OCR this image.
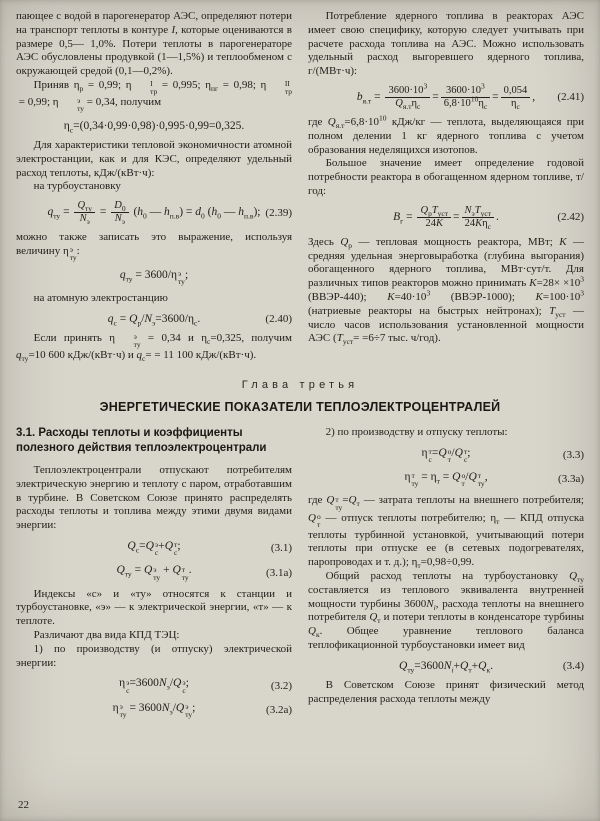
пающее с водой в парогенератор АЭС, определяют потери на транспорт теплоты в контуре I, которые оцениваются в размере 0,5— 1,0%. Потери теплоты в парогенераторе АЭС обусловлены продувкой (1—1,5%) и теплообменом с окружающей средой (0,1—0,2%).

Приняв $\eta_р = 0,99$; η	I
тр
= 0,995; $\eta_{пг} = 0,98$; η	II
тр
= 0,99; η	э
ту
= 0,34, получим

$\eta_с=(0,34\cdot 0,99\cdot 0,98)\cdot 0,995\cdot 0,99=0,325$.

Для характеристики тепловой экономичности атомной электростанции, как и для КЭС, определяют удельный расход теплоты, кДж/(кВт·ч):

на турбоустановку

$q_{ту}$ =
$Q_{ту}$
$N_э$
=
$D_0$
$N_э$
($h_0$ — $h_{п.в}) = d_0$ ($h_0$ — $h_{п.в}$); (2.39)

можно также записать это выражение, используя величину η э
ту
:

$q_{ту} = 3600/\eta$ э
ту
;

на атомную электростанцию

$q_с = Q_р/N_э=3600/\eta_с$.	(2.40)

Если принять η	э
ту
= 0,34 и $\eta_с=0,325$, получим $q_{ту}=10$ 600 кДж/(кВт·ч) и $q_с= = 11$ 100 кДж/(кВт·ч).

Потребление ядерного топлива в реакторах АЭС имеет свою специфику, которую следует учитывать при расчете расхода топлива на АЭС. Можно использовать удельный расход выгоревшего ядерного топлива, г/(МВт·ч):

$b_{я.т}$ =
$3600\cdot 10^3$
$Q_{я.т}\eta_с$
=
$3600\cdot 10^3$
$6,8\cdot 10^{10}\eta_с$
=
0,054
$\eta_с$
, (2.41)

где $Q_{я.т}=6,8\cdot 10^{10}$ кДж/кг — теплота, выделяющаяся при полном делении 1 кг ядерного топлива с учетом образования неделящихся изотопов.

Большое значение имеет определение годовой потребности реактора в обогащенном ядерном топливе, т/год:

$B_г$ =
$Q_рT_{уст}$
24K
=
$N_эT_{уст}$
$24K\eta_с$
.	(2.42)

Здесь $Q_р$ — тепловая мощность реактора, МВт; K — средняя удельная энерговыработка (глубина выгорания) обогащенного ядерного топлива, МВт·сут/т. Для различных типов реакторов можно принимать $K=28\times \times 10^3$ (ВВЭР-440); $K=40\cdot 10^3$ (ВВЭР-1000); $K=100\cdot 10^3$ (натриевые реакторы на быстрых нейтронах); $T_{уст}$ — число часов использования установленной мощности АЭС ($T_{уст}= =6\div 7$ тыс. ч/год).

Глава третья
ЭНЕРГЕТИЧЕСКИЕ ПОКАЗАТЕЛИ ТЕПЛОЭЛЕКТРОЦЕНТРАЛЕЙ
3.1. Расходы теплоты и коэффициенты полезного действия теплоэлектроцентрали

Теплоэлектроцентрали отпускают потребителям электрическую энергию и теплоту с паром, отработавшим в турбине. В Советском Союзе принято распределять расходы теплоты и топлива между этими двумя видами энергии:

$Q_с=Q$ э
с
+Q т
с
;	(3.1)
$Q_{ту} = Q$ э
ту
+ Q т
ту
.	(3.1а)

Индексы «с» и «ту» относятся к станции и турбоустановке, «э» — к электрической энергии, «т» — к теплоте.

Различают два вида КПД ТЭЦ:

1) по производству (и отпуску) электрической энергии:

η э
с
$=3600N_э/Q$ э
с
;	(3.2)
η э
ту
= $3600N_э/Q$ э
ту
;	(3.2а)

2) по производству и отпуску теплоты:

η т
с
=Q о
т
/Q т
с
;	(3.3)
η т
ту
= $\eta_т = Q$ о
т
/Q т
ту
,	(3.3а)

где Q т
ту
$=Q_т$ — затрата теплоты на внешнего потребителя; Q о
т
— отпуск теплоты потребителю; $\eta_т$ — КПД отпуска теплоты турбинной установкой, учитывающий потери теплоты при отпуске ее (в сетевых подогревателях, паропроводах и т. д.); $\eta_т=0,98\div 0,99$.

Общий расход теплоты на турбоустановку $Q_{ту}$ составляется из теплового эквивалента внутренней мощности турбины $3600N_i$, расхода теплоты на внешнего потребителя $Q_т$ и потери теплоты в конденсаторе турбины $Q_к$. Общее уравнение теплового баланса теплофикационной турбоустановки имеет вид

$Q_{ту}=3600N_i+Q_т+Q_к$.	(3.4)

В Советском Союзе принят физический метод распределения расхода теплоты между

22
